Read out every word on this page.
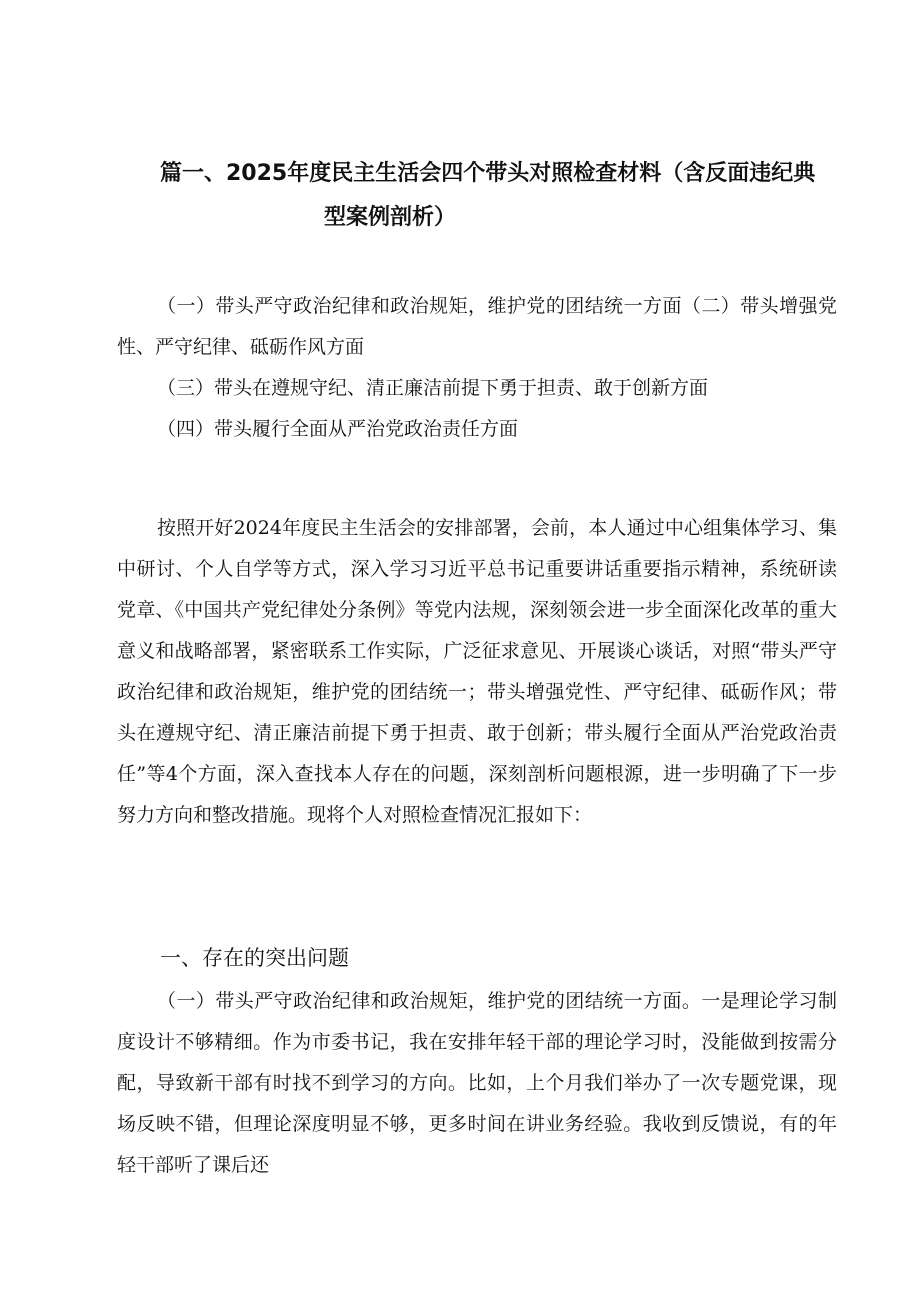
篇一、2025年度民主生活会四个带头对照检查材料（含反面违纪典
型案例剖析）

（一）带头严守政治纪律和政治规矩，维护党的团结统一方面（二）带头增强党性、严守纪律、砥砺作风方面

（三）带头在遵规守纪、清正廉洁前提下勇于担责、敢于创新方面

（四）带头履行全面从严治党政治责任方面

按照开好2024年度民主生活会的安排部署，会前，本人通过中心组集体学习、集中研讨、个人自学等方式，深入学习习近平总书记重要讲话重要指示精神，系统研读党章、《中国共产党纪律处分条例》等党内法规，深刻领会进一步全面深化改革的重大意义和战略部署，紧密联系工作实际，广泛征求意见、开展谈心谈话，对照“带头严守政治纪律和政治规矩，维护党的团结统一；带头增强党性、严守纪律、砥砺作风；带头在遵规守纪、清正廉洁前提下勇于担责、敢于创新；带头履行全面从严治党政治责任”等4个方面，深入查找本人存在的问题，深刻剖析问题根源，进一步明确了下一步努力方向和整改措施。现将个人对照检查情况汇报如下：

一、存在的突出问题

（一）带头严守政治纪律和政治规矩，维护党的团结统一方面。一是理论学习制度设计不够精细。作为市委书记，我在安排年轻干部的理论学习时，没能做到按需分配，导致新干部有时找不到学习的方向。比如，上个月我们举办了一次专题党课，现场反映不错，但理论深度明显不够，更多时间在讲业务经验。我收到反馈说，有的年轻干部听了课后还
